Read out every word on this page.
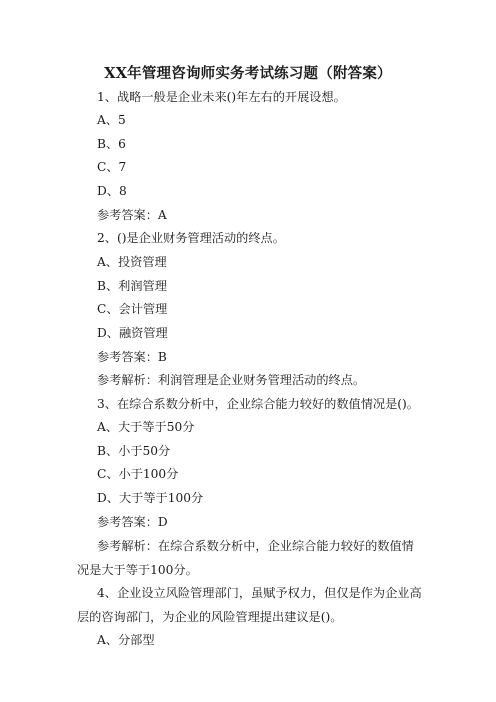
XX年管理咨询师实务考试练习题（附答案）
1、战略一般是企业未来()年左右的开展设想。
A、5
B、6
C、7
D、8
参考答案：A
2、()是企业财务管理活动的终点。
A、投资管理
B、利润管理
C、会计管理
D、融资管理
参考答案：B
参考解析：利润管理是企业财务管理活动的终点。
3、在综合系数分析中，企业综合能力较好的数值情况是()。
A、大于等于50分
B、小于50分
C、小于100分
D、大于等于100分
参考答案：D

参考解析：在综合系数分析中，企业综合能力较好的数值情况是大于等于100分。

4、企业设立风险管理部门，虽赋予权力，但仅是作为企业高层的咨询部门，为企业的风险管理提出建议是()。

A、分部型
